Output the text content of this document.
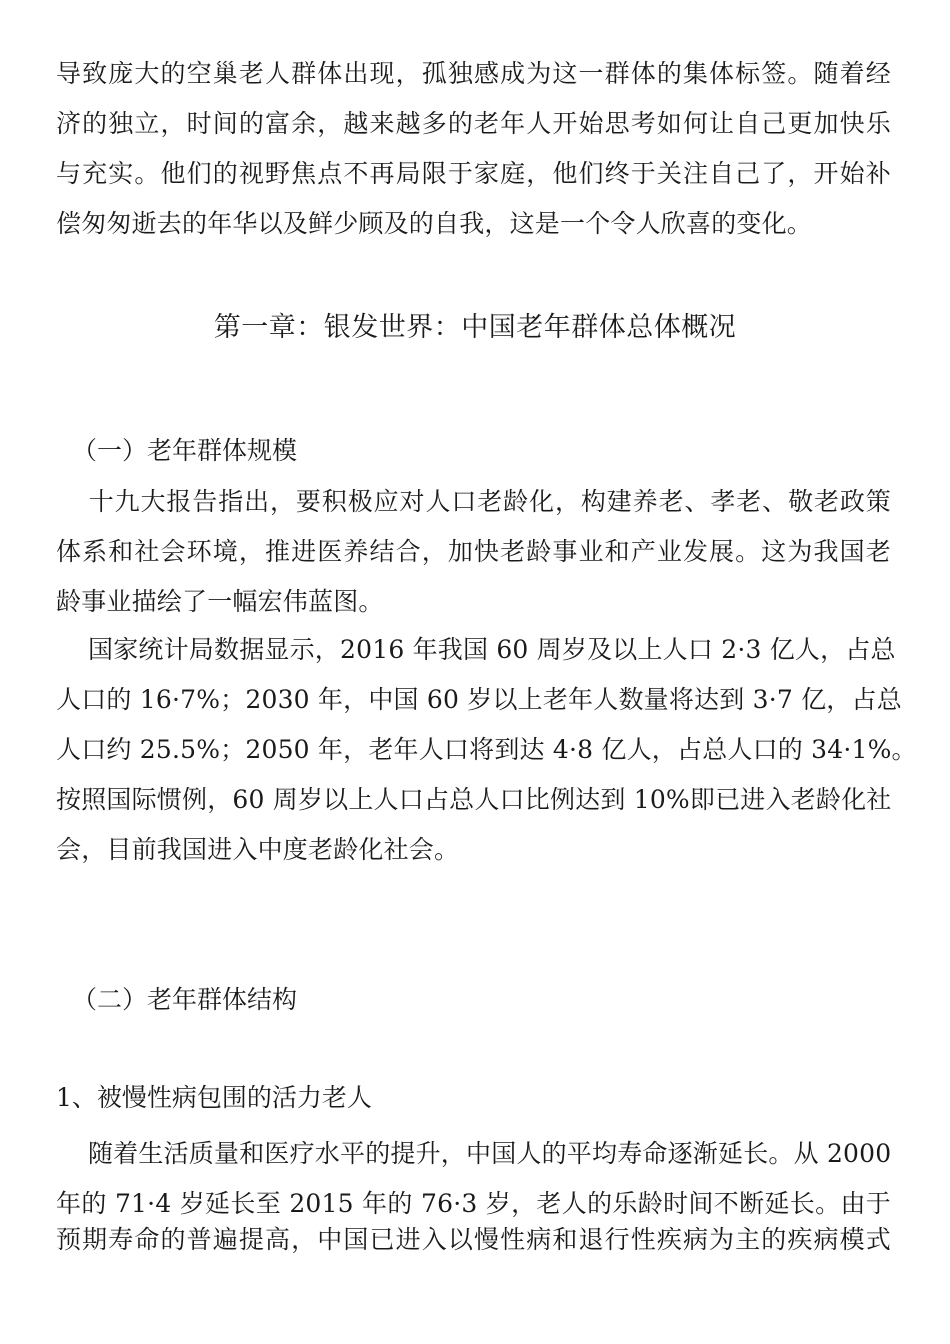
导致庞大的空巢老人群体出现，孤独感成为这一群体的集体标签。随着经
济的独立，时间的富余，越来越多的老年人开始思考如何让自己更加快乐
与充实。他们的视野焦点不再局限于家庭，他们终于关注自己了，开始补
偿匆匆逝去的年华以及鲜少顾及的自我，这是一个令人欣喜的变化。
第一章：银发世界：中国老年群体总体概况
（一）老年群体规模
十九大报告指出，要积极应对人口老龄化，构建养老、孝老、敬老政策
体系和社会环境，推进医养结合，加快老龄事业和产业发展。这为我国老
龄事业描绘了一幅宏伟蓝图。
国家统计局数据显示，2016 年我国 60 周岁及以上人口 2·3 亿人，占总
人口的 16·7%；2030 年，中国 60 岁以上老年人数量将达到 3·7 亿，占总
人口约 25.5%；2050 年，老年人口将到达 4·8 亿人，占总人口的 34·1%。
按照国际惯例，60 周岁以上人口占总人口比例达到 10%即已进入老龄化社
会，目前我国进入中度老龄化社会。
（二）老年群体结构
1、被慢性病包围的活力老人
随着生活质量和医疗水平的提升，中国人的平均寿命逐渐延长。从 2000
年的 71·4 岁延长至 2015 年的 76·3 岁，老人的乐龄时间不断延长。由于
预期寿命的普遍提高，中国已进入以慢性病和退行性疾病为主的疾病模式
